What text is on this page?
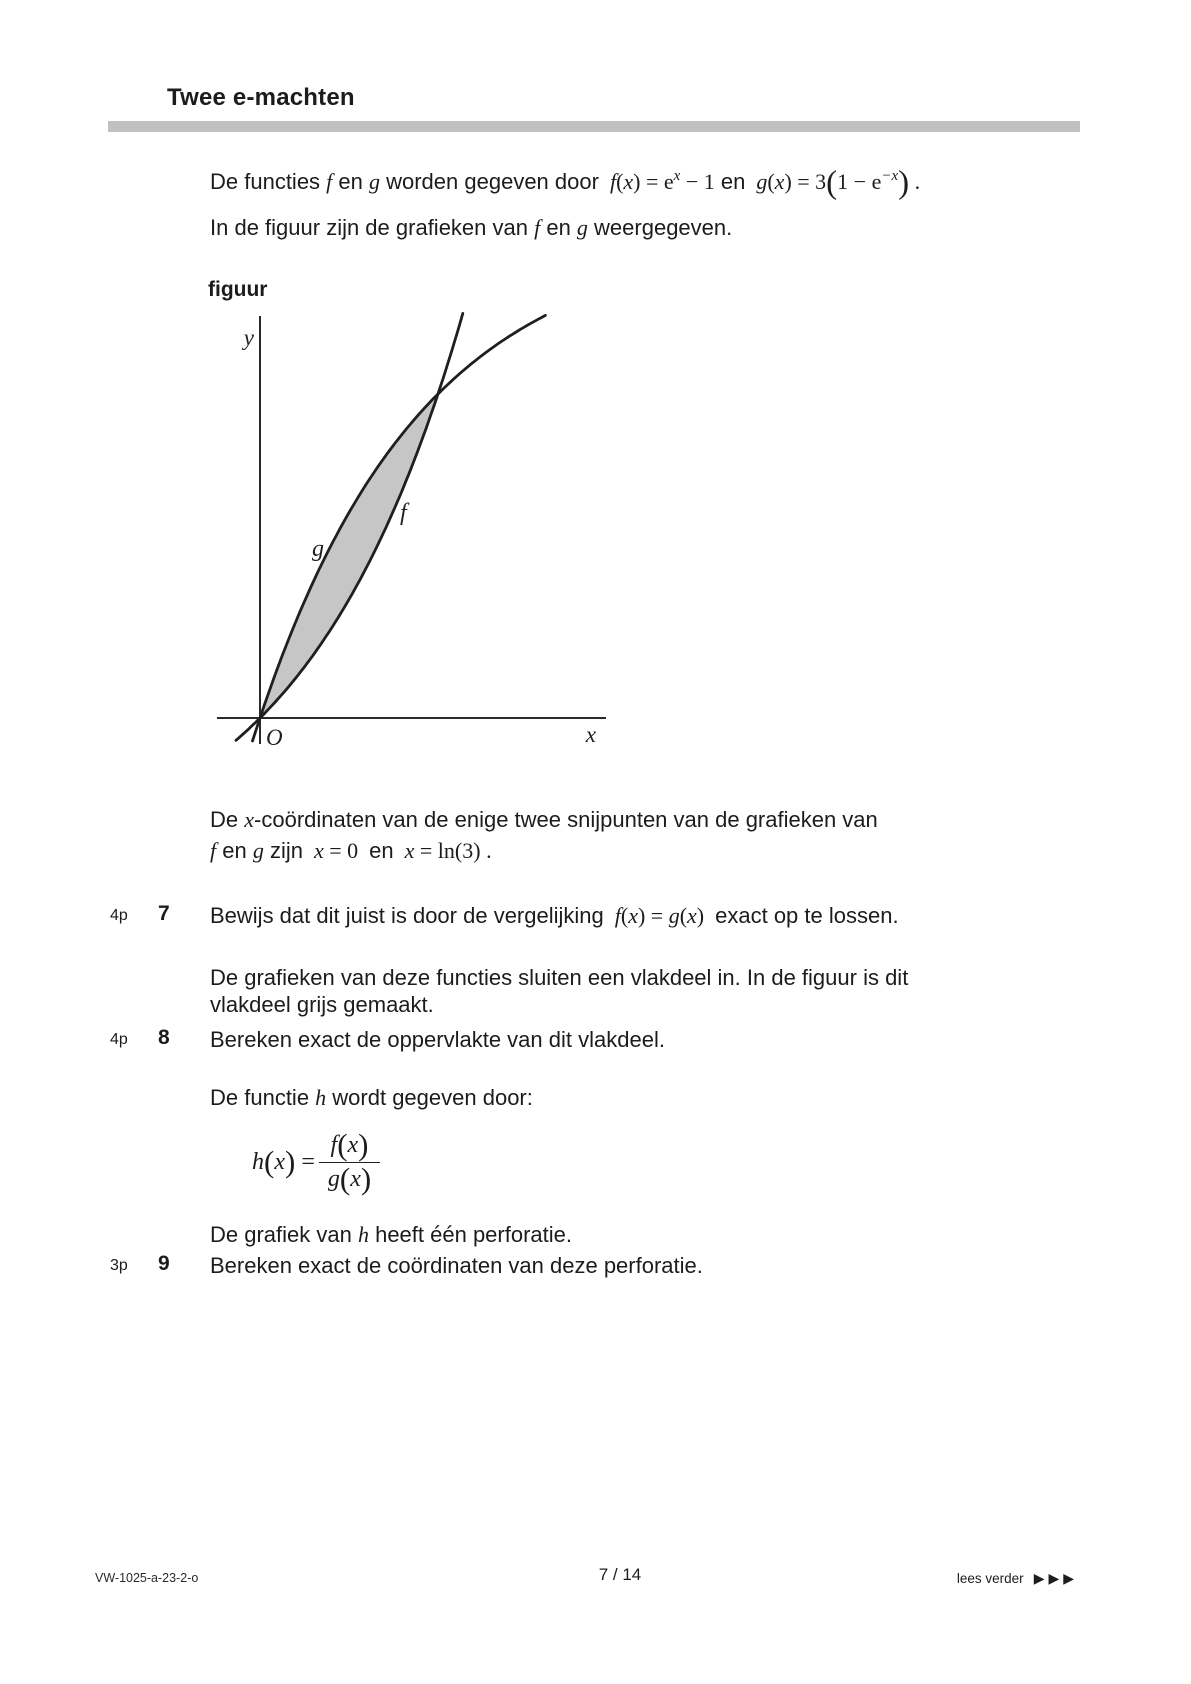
Twee e-machten
De functies f en g worden gegeven door $f(x) = e^x - 1$ en $g(x) = 3(1 - e^{-x})$ .
In de figuur zijn de grafieken van f en g weergegeven.
figuur
y
x
O
f
g
De x-coördinaten van de enige twee snijpunten van de grafieken van
f en g zijn x = 0 en x = ln(3) .
4p 7 Bewijs dat dit juist is door de vergelijking f(x) = g(x) exact op te lossen.
De grafieken van deze functies sluiten een vlakdeel in. In de figuur is dit
vlakdeel grijs gemaakt.
4p 8 Bereken exact de oppervlakte van dit vlakdeel.
De functie h wordt gegeven door:
$h(x) = \frac{f(x)}{g(x)}$
De grafiek van h heeft één perforatie.
3p 9 Bereken exact de coördinaten van deze perforatie.
VW-1025-a-23-2-o	7 / 14	lees verder ▶▶▶
